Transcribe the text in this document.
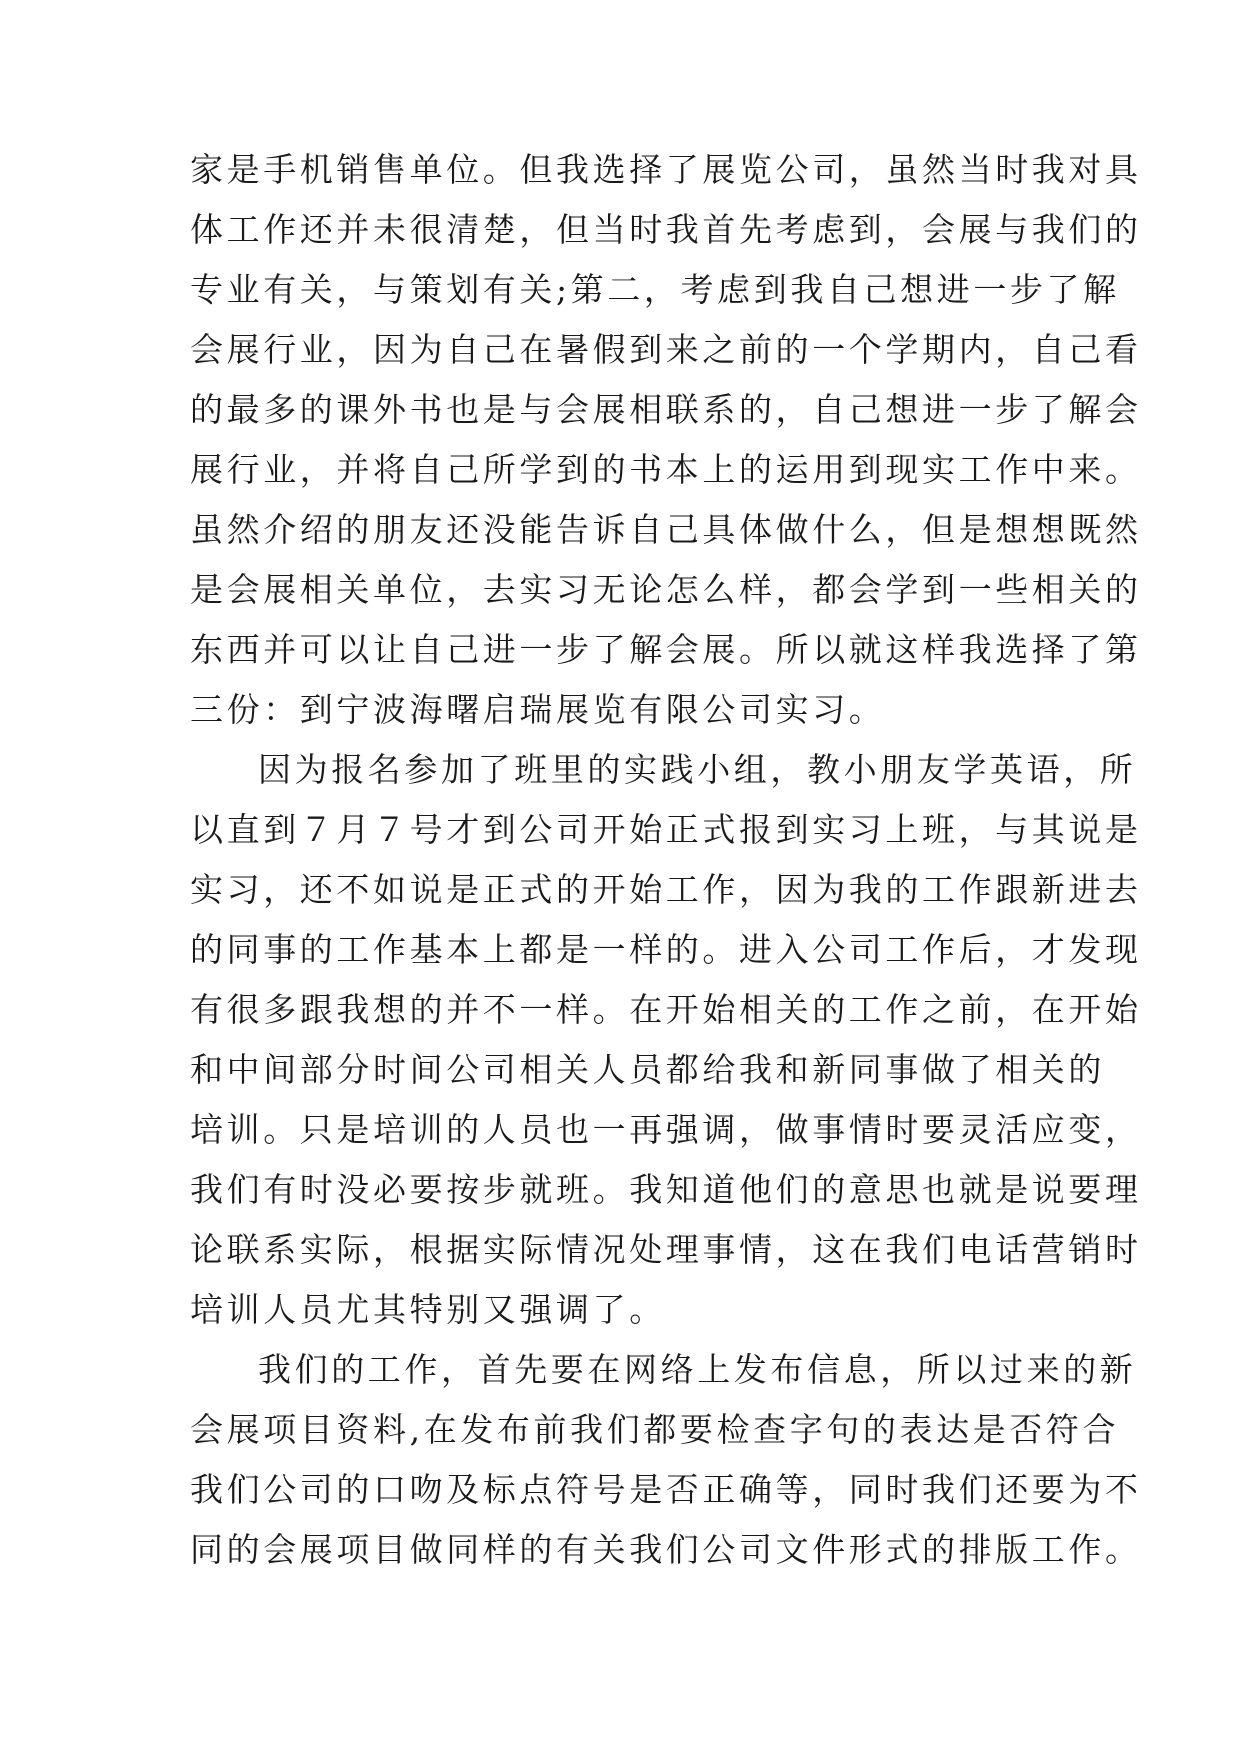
家是手机销售单位。但我选择了展览公司，虽然当时我对具
体工作还并未很清楚，但当时我首先考虑到，会展与我们的
专业有关，与策划有关;第二，考虑到我自己想进一步了解
会展行业，因为自己在暑假到来之前的一个学期内，自己看
的最多的课外书也是与会展相联系的，自己想进一步了解会
展行业，并将自己所学到的书本上的运用到现实工作中来。
虽然介绍的朋友还没能告诉自己具体做什么，但是想想既然
是会展相关单位，去实习无论怎么样，都会学到一些相关的
东西并可以让自己进一步了解会展。所以就这样我选择了第
三份：到宁波海曙启瑞展览有限公司实习。
因为报名参加了班里的实践小组，教小朋友学英语，所
以直到７月７号才到公司开始正式报到实习上班，与其说是
实习，还不如说是正式的开始工作，因为我的工作跟新进去
的同事的工作基本上都是一样的。进入公司工作后，才发现
有很多跟我想的并不一样。在开始相关的工作之前，在开始
和中间部分时间公司相关人员都给我和新同事做了相关的
培训。只是培训的人员也一再强调，做事情时要灵活应变，
我们有时没必要按步就班。我知道他们的意思也就是说要理
论联系实际，根据实际情况处理事情，这在我们电话营销时
培训人员尤其特别又强调了。
我们的工作，首先要在网络上发布信息，所以过来的新
会展项目资料,在发布前我们都要检查字句的表达是否符合
我们公司的口吻及标点符号是否正确等，同时我们还要为不
同的会展项目做同样的有关我们公司文件形式的排版工作。
